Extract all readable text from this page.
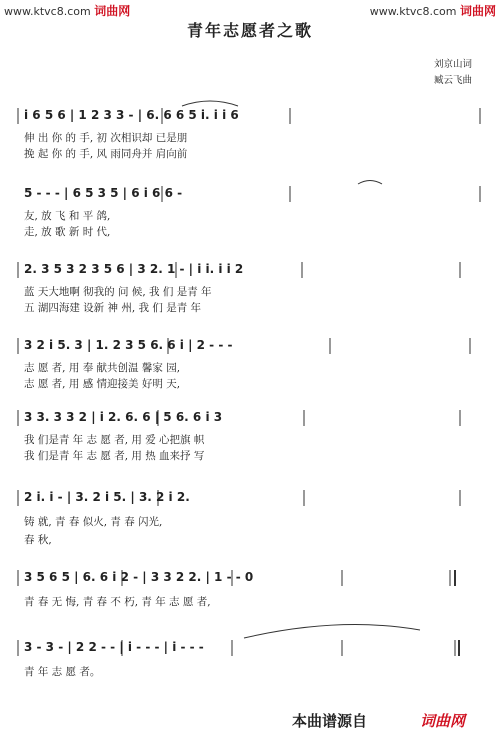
www.ktvc8.com 词曲网	www.ktvc8.com 词曲网
青年志愿者之歌
刘京山词
臧云飞曲
i 6 5 6 | 1 2 3 3 - | 6. 6 6 5 i. i i 6
伸 出 你 的 手, 初 次相识却 已是朋
挽 起 你 的 手, 风 雨同舟并 肩向前
5 - - - | 6 5 3 5 | 6 i 6 6 -
友, 放 飞 和 平 鸽,
走, 放 歌 新 时 代,
2. 3 5 3 2 3 5 6 | 3 2. 1 - | i i. i i 2
蓝 天大地啊 彻我的 问 候, 我 们 是青 年
五 湖四海建 设新 神 州, 我 们 是青 年
3 2 i 5. 3 | 1. 2 3 5 6. 6 i | 2 - - -
志 愿 者, 用 奉 献共创温 馨家 园,
志 愿 者, 用 感 情迎接美 好明 天,
3 3. 3 3 2 | i 2. 6. 6 | 5 6. 6 i 3
我 们是青 年 志 愿 者, 用 爱 心把旗 帜
我 们是青 年 志 愿 者, 用 热 血来抒 写
2 i. i - | 3. 2 i 5. | 3. 2 i 2.
铸 就, 青 春 似火, 青 春 闪光,
春 秋,
3 5 6 5 | 6. 6 i 2 - | 3 3 2 2. | 1 - - 0
青 春 无 悔, 青 春 不 朽, 青 年 志 愿 者,
3 - 3 - | 2 2 - - | i - - - | i - - -
青 年 志 愿 者。
本曲谱源自	词曲网
